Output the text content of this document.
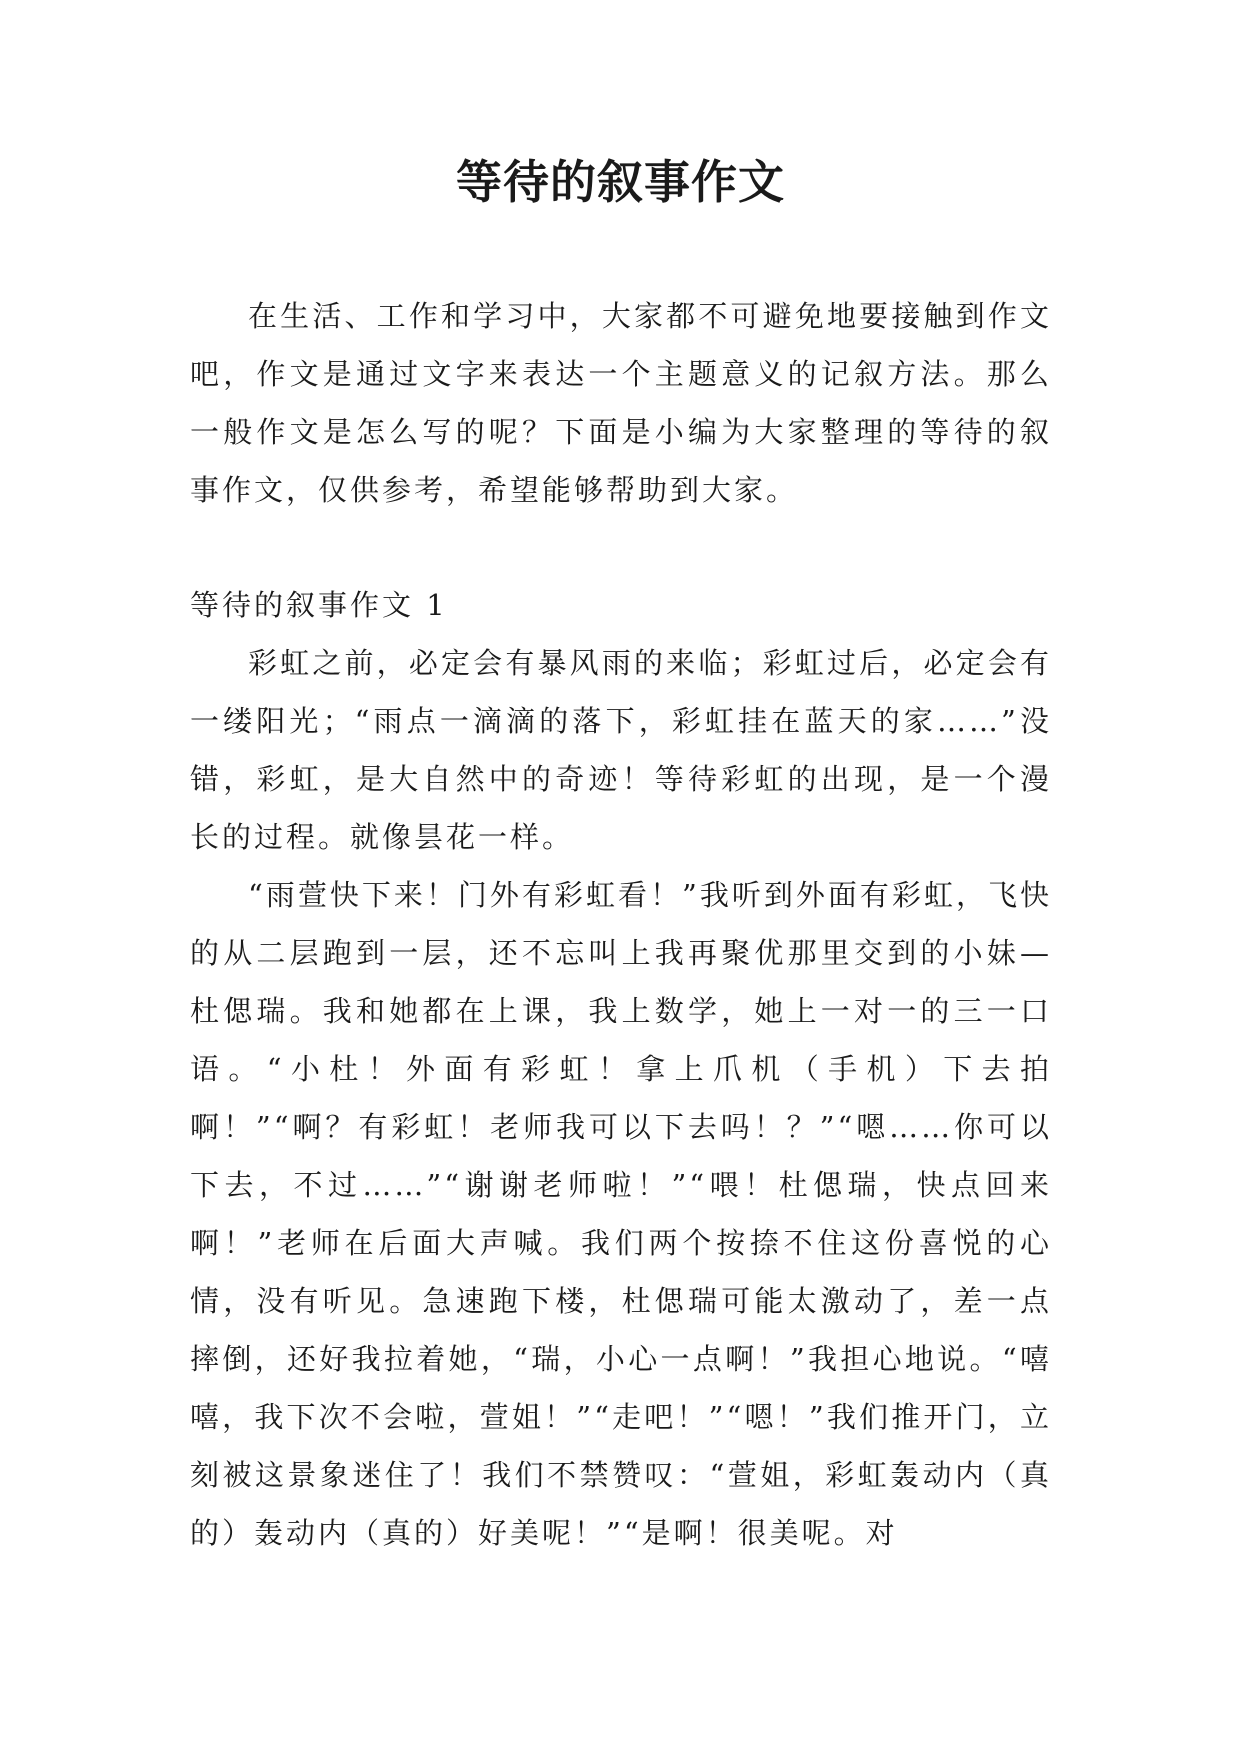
等待的叙事作文

在生活、工作和学习中，大家都不可避免地要接触到作文吧，作文是通过文字来表达一个主题意义的记叙方法。那么一般作文是怎么写的呢？下面是小编为大家整理的等待的叙事作文，仅供参考，希望能够帮助到大家。

等待的叙事作文 1

彩虹之前，必定会有暴风雨的来临；彩虹过后，必定会有一缕阳光；“雨点一滴滴的落下，彩虹挂在蓝天的家……”没错，彩虹，是大自然中的奇迹！等待彩虹的出现，是一个漫长的过程。就像昙花一样。

“雨萱快下来！门外有彩虹看！”我听到外面有彩虹，飞快的从二层跑到一层，还不忘叫上我再聚优那里交到的小妹—杜偲瑞。我和她都在上课，我上数学，她上一对一的三一口语。“小杜！外面有彩虹！拿上爪机（手机）下去拍啊！”“啊？有彩虹！老师我可以下去吗！？”“嗯……你可以下去，不过……”“谢谢老师啦！”“喂！杜偲瑞，快点回来啊！”老师在后面大声喊。我们两个按捺不住这份喜悦的心情，没有听见。急速跑下楼，杜偲瑞可能太激动了，差一点摔倒，还好我拉着她，“瑞，小心一点啊！”我担心地说。“嘻嘻，我下次不会啦，萱姐！”“走吧！”“嗯！”我们推开门，立刻被这景象迷住了！我们不禁赞叹：“萱姐，彩虹轰动内（真的）轰动内（真的）好美呢！”“是啊！很美呢。对
